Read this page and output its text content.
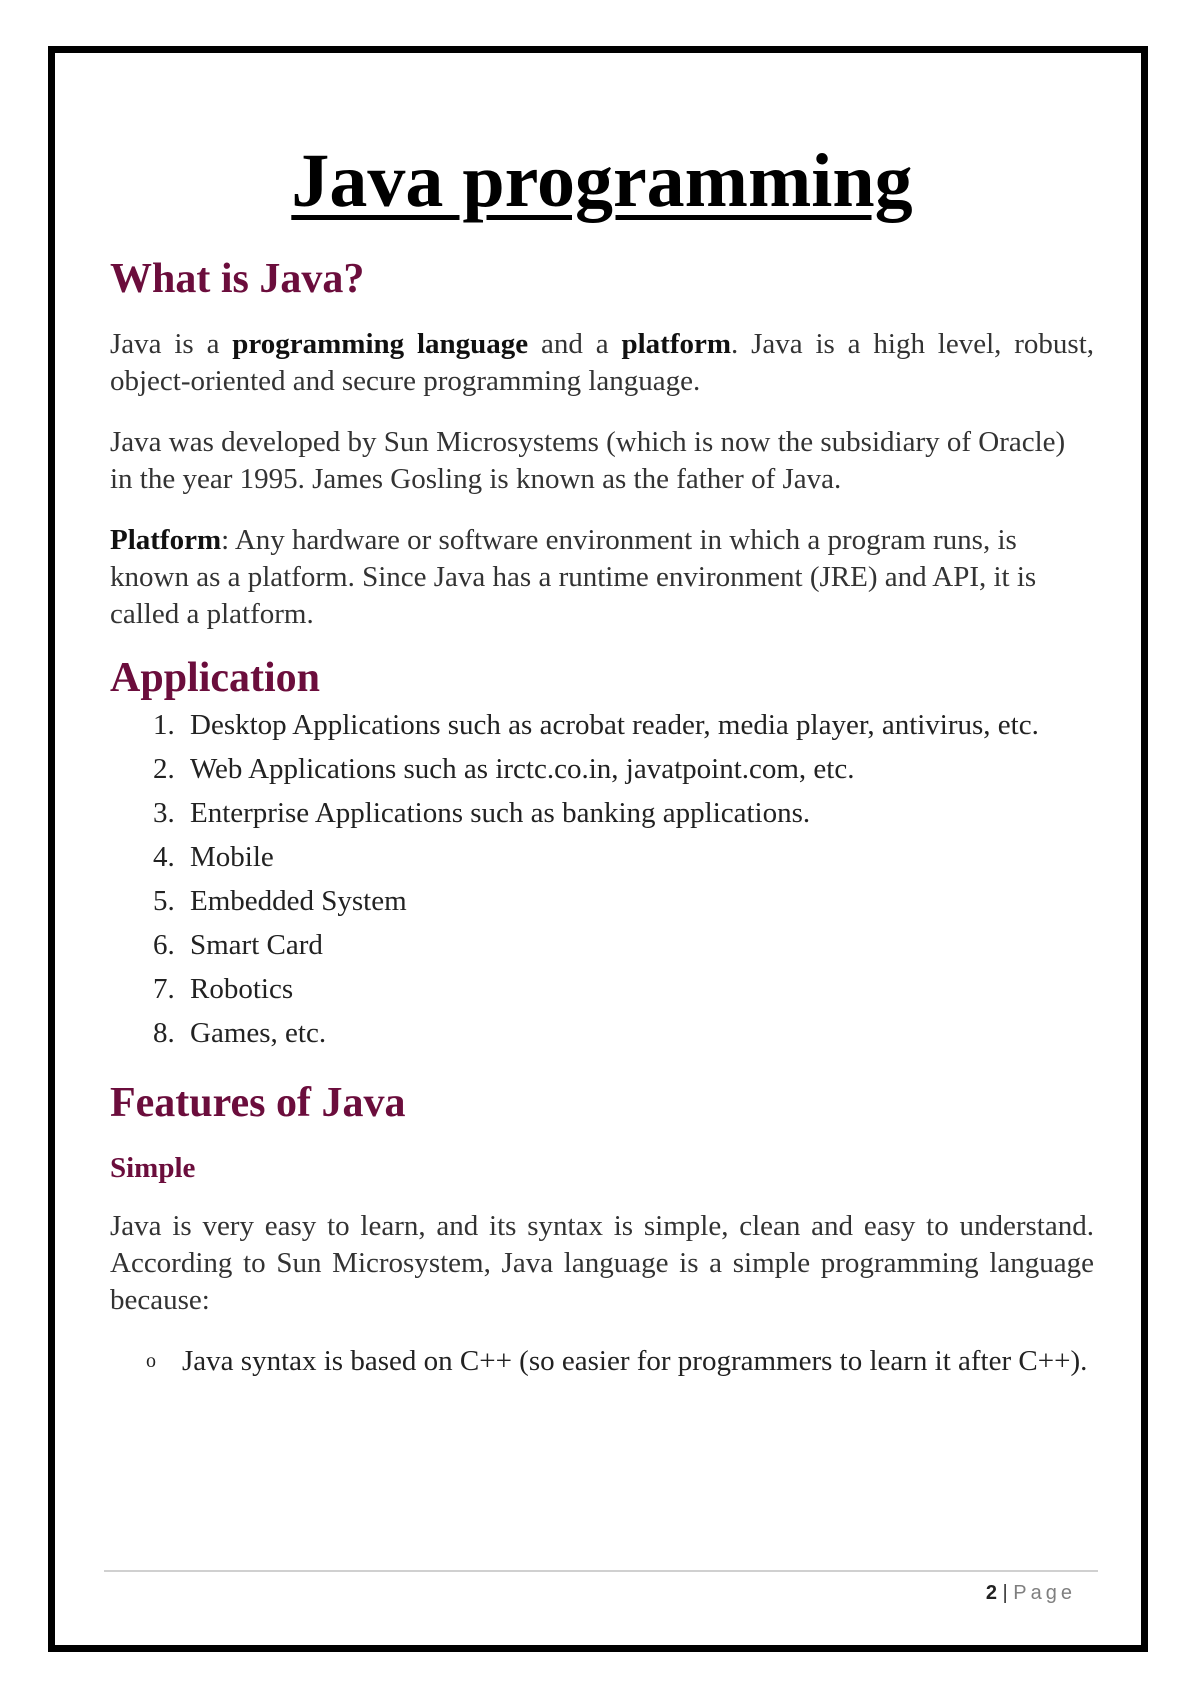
Java programming
What is Java?

Java is a programming language and a platform. Java is a high level, robust, object-oriented and secure programming language.

Java was developed by Sun Microsystems (which is now the subsidiary of Oracle) in the year 1995. James Gosling is known as the father of Java.

Platform: Any hardware or software environment in which a program runs, is known as a platform. Since Java has a runtime environment (JRE) and API, it is called a platform.

Application
1. Desktop Applications such as acrobat reader, media player, antivirus, etc.
2. Web Applications such as irctc.co.in, javatpoint.com, etc.
3. Enterprise Applications such as banking applications.
4. Mobile
5. Embedded System
6. Smart Card
7. Robotics
8. Games, etc.
Features of Java
Simple

Java is very easy to learn, and its syntax is simple, clean and easy to understand. According to Sun Microsystem, Java language is a simple programming language because:

o Java syntax is based on C++ (so easier for programmers to learn it after C++).
2 | Page
